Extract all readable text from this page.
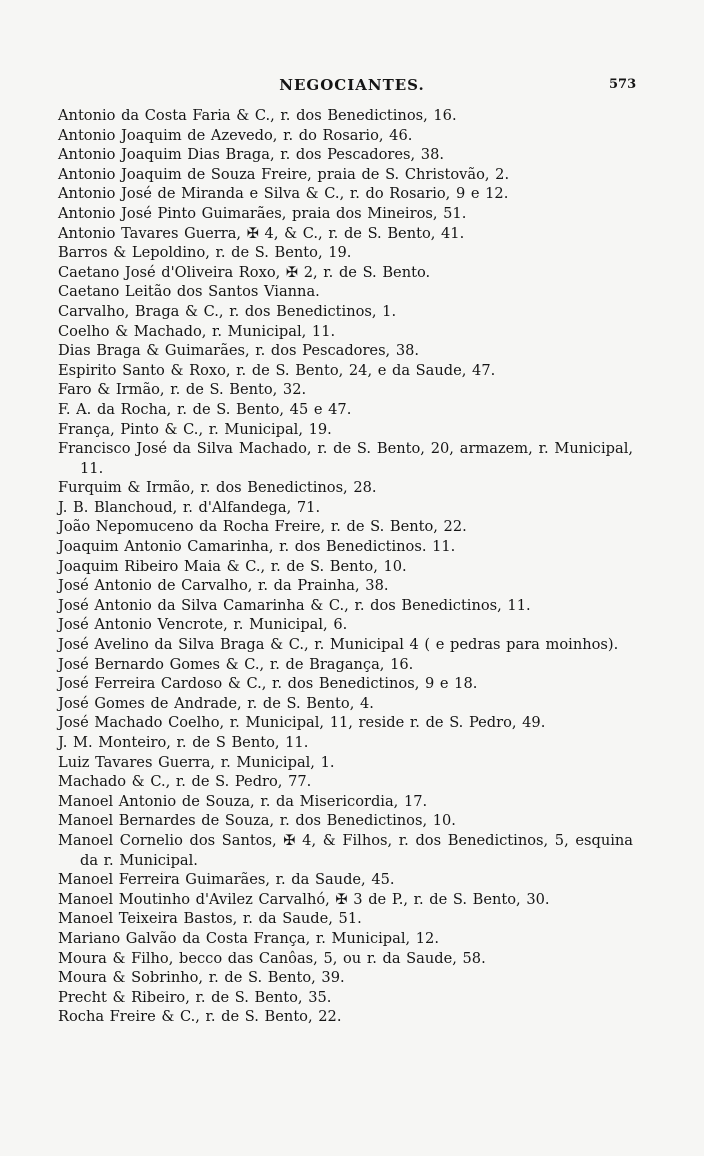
NEGOCIANTES.	573
Antonio da Costa Faria & C., r. dos Benedictinos, 16.
Antonio Joaquim de Azevedo, r. do Rosario, 46.
Antonio Joaquim Dias Braga, r. dos Pescadores, 38.
Antonio Joaquim de Souza Freire, praia de S. Christovão, 2.
Antonio José de Miranda e Silva & C., r. do Rosario, 9 e 12.
Antonio José Pinto Guimarães, praia dos Mineiros, 51.
Antonio Tavares Guerra, ✠ 4, & C., r. de S. Bento, 41.
Barros & Lepoldino, r. de S. Bento, 19.
Caetano José d'Oliveira Roxo, ✠ 2, r. de S. Bento.
Caetano Leitão dos Santos Vianna.
Carvalho, Braga & C., r. dos Benedictinos, 1.
Coelho & Machado, r. Municipal, 11.
Dias Braga & Guimarães, r. dos Pescadores, 38.
Espirito Santo & Roxo, r. de S. Bento, 24, e da Saude, 47.
Faro & Irmão, r. de S. Bento, 32.
F. A. da Rocha, r. de S. Bento, 45 e 47.
França, Pinto & C., r. Municipal, 19.
Francisco José da Silva Machado, r. de S. Bento, 20, armazem, r. Municipal, 11.
Furquim & Irmão, r. dos Benedictinos, 28.
J. B. Blanchoud, r. d'Alfandega, 71.
João Nepomuceno da Rocha Freire, r. de S. Bento, 22.
Joaquim Antonio Camarinha, r. dos Benedictinos. 11.
Joaquim Ribeiro Maia & C., r. de S. Bento, 10.
José Antonio de Carvalho, r. da Prainha, 38.
José Antonio da Silva Camarinha & C., r. dos Benedictinos, 11.
José Antonio Vencrote, r. Municipal, 6.
José Avelino da Silva Braga & C., r. Municipal 4 ( e pedras para moinhos).
José Bernardo Gomes & C., r. de Bragança, 16.
José Ferreira Cardoso & C., r. dos Benedictinos, 9 e 18.
José Gomes de Andrade, r. de S. Bento, 4.
José Machado Coelho, r. Municipal, 11, reside r. de S. Pedro, 49.
J. M. Monteiro, r. de S Bento, 11.
Luiz Tavares Guerra, r. Municipal, 1.
Machado & C., r. de S. Pedro, 77.
Manoel Antonio de Souza, r. da Misericordia, 17.
Manoel Bernardes de Souza, r. dos Benedictinos, 10.
Manoel Cornelio dos Santos, ✠ 4, & Filhos, r. dos Benedictinos, 5, esquina da r. Municipal.
Manoel Ferreira Guimarães, r. da Saude, 45.
Manoel Moutinho d'Avilez Carvalhó, ✠ 3 de P., r. de S. Bento, 30.
Manoel Teixeira Bastos, r. da Saude, 51.
Mariano Galvão da Costa França, r. Municipal, 12.
Moura & Filho, becco das Canôas, 5, ou r. da Saude, 58.
Moura & Sobrinho, r. de S. Bento, 39.
Precht & Ribeiro, r. de S. Bento, 35.
Rocha Freire & C., r. de S. Bento, 22.
